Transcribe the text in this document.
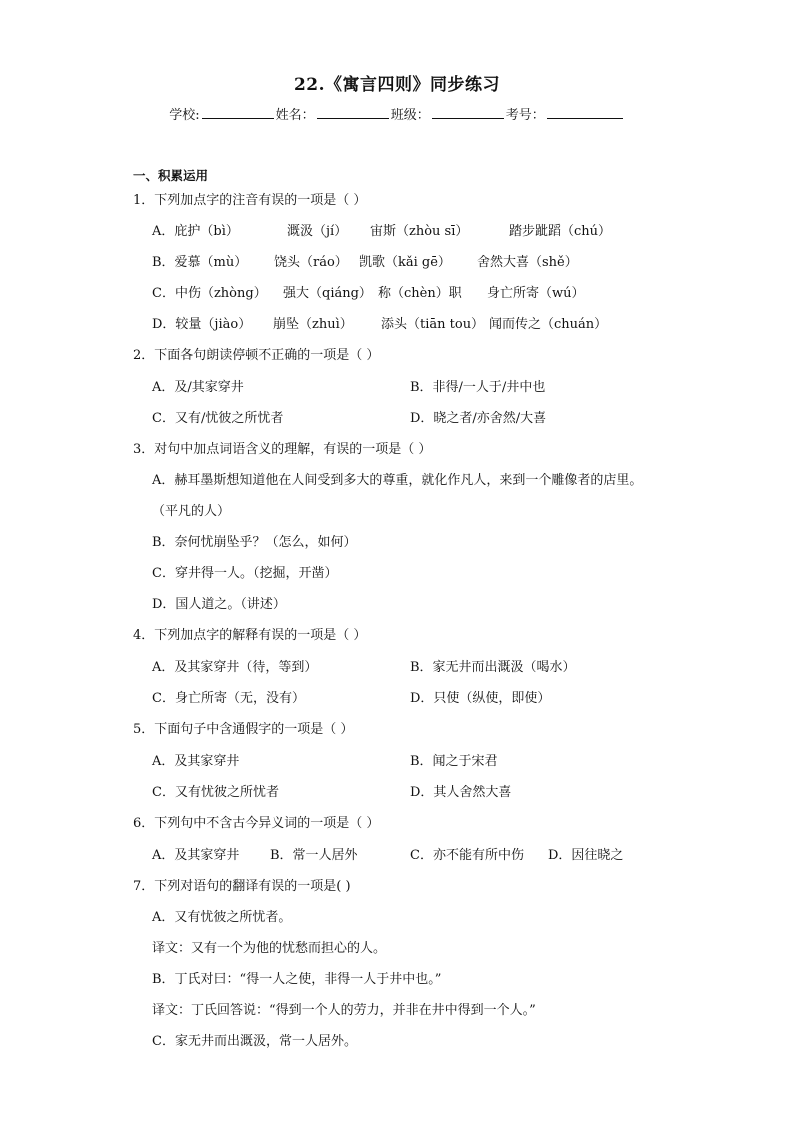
22.《寓言四则》同步练习
学校:	姓名：	班级：	考号：
一、积累运用
1．下列加点字的注音有误的一项是（ ）
A．庇护（bì）	溉汲（jí） 宙斯（zhòu sī）	踏步跐蹈（chú）
B．爱慕（mù） 饶头（ráo） 凯歌（kǎi gē） 舍然大喜（shě）
C．中伤（zhòng） 强大（qiáng） 称（chèn）职 身亡所寄（wú）
D．较量（jiào） 崩坠（zhuì） 添头（tiān tou） 闻而传之（chuán）
2．下面各句朗读停顿不正确的一项是（ ）
A．及/其家穿井	B．非得/一人于/井中也
C．又有/忧彼之所忧者	D．晓之者/亦舍然/大喜
3．对句中加点词语含义的理解，有误的一项是（ ）
A．赫耳墨斯想知道他在人间受到多大的尊重，就化作凡人，来到一个雕像者的店里。
（平凡的人）
B．奈何忧崩坠乎？（怎么，如何）
C．穿井得一人。（挖掘，开凿）
D．国人道之。（讲述）
4．下列加点字的解释有误的一项是（ ）
A．及其家穿井（待，等到）	B．家无井而出溉汲（喝水）
C．身亡所寄（无，没有）	D．只使（纵使，即使）
5．下面句子中含通假字的一项是（ ）
A．及其家穿井	B．闻之于宋君
C．又有忧彼之所忧者	D．其人舍然大喜
6．下列句中不含古今异义词的一项是（ ）
A．及其家穿井 B．常一人居外	C．亦不能有所中伤 D．因往晓之
7．下列对语句的翻译有误的一项是( )
A．又有忧彼之所忧者。
译文：又有一个为他的忧愁而担心的人。
B．丁氏对曰：“得一人之使，非得一人于井中也。”
译文：丁氏回答说：“得到一个人的劳力，并非在井中得到一个人。”
C．家无井而出溉汲，常一人居外。
